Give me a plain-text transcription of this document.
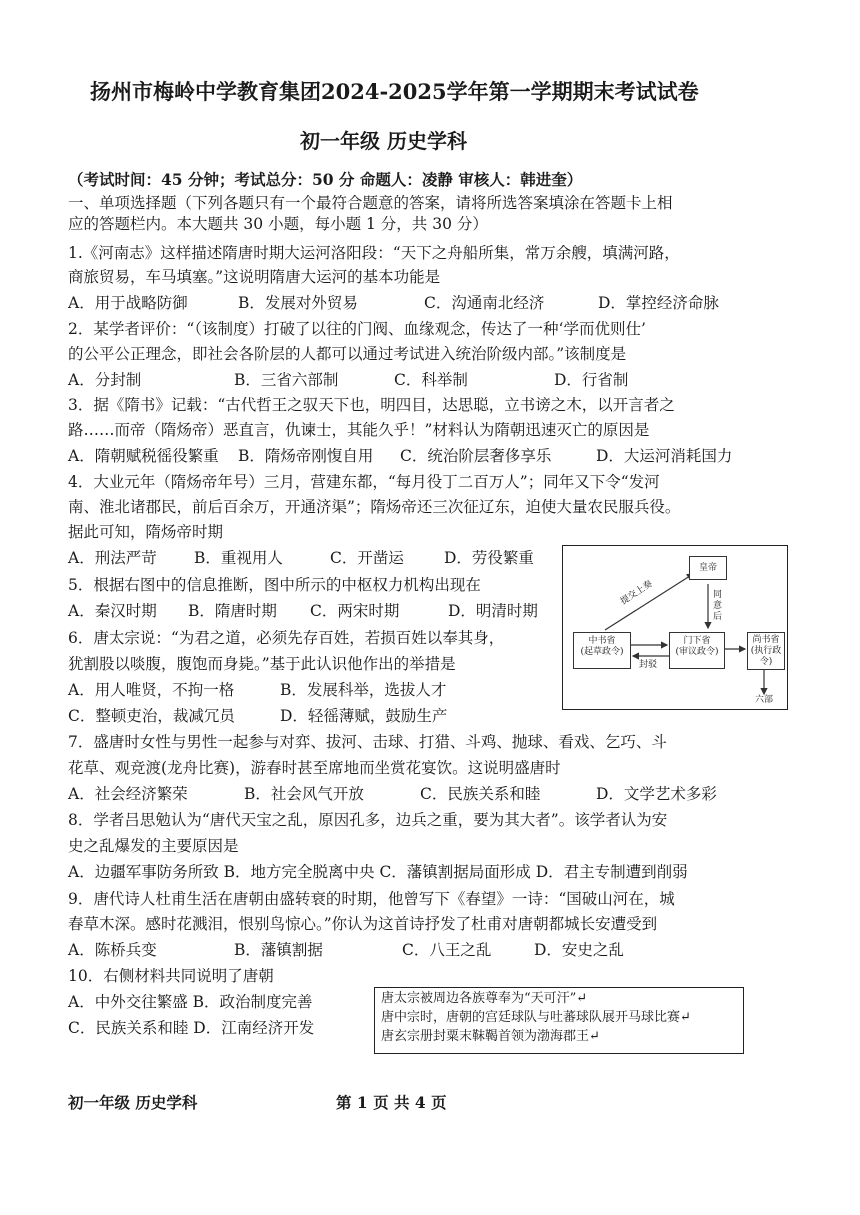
扬州市梅岭中学教育集团2024-2025学年第一学期期末考试试卷
初一年级 历史学科
（考试时间：45 分钟；考试总分：50 分 命题人：凌静 审核人：韩进奎）
一、单项选择题（下列各题只有一个最符合题意的答案，请将所选答案填涂在答题卡上相
应的答题栏内。本大题共 30 小题，每小题 1 分，共 30 分）
1.《河南志》这样描述隋唐时期大运河洛阳段：“天下之舟船所集，常万余艘，填满河路，
商旅贸易，车马填塞。”这说明隋唐大运河的基本功能是
A．用于战略防御	B．发展对外贸易	C．沟通南北经济	D．掌控经济命脉
2．某学者评价：“（该制度）打破了以往的门阀、血缘观念，传达了一种‘学而优则仕’
的公平公正理念，即社会各阶层的人都可以通过考试进入统治阶级内部。”该制度是
A．分封制	B．三省六部制	C．科举制	D．行省制
3．据《隋书》记载：“古代哲王之驭天下也，明四目，达思聪，立书谤之木，以开言者之
路……而帝（隋炀帝）恶直言，仇谏士，其能久乎！”材料认为隋朝迅速灭亡的原因是
A．隋朝赋税徭役繁重 B．隋炀帝刚愎自用 C．统治阶层奢侈享乐	D．大运河消耗国力
4．大业元年（隋炀帝年号）三月，营建东都，“每月役丁二百万人”；同年又下令“发河
南、淮北诸郡民，前后百余万，开通济渠”；隋炀帝还三次征辽东，迫使大量农民服兵役。
据此可知，隋炀帝时期
A．刑法严苛 B．重视用人	C．开凿运	D．劳役繁重
5．根据右图中的信息推断，图中所示的中枢权力机构出现在
A．秦汉时期 B．隋唐时期 C．两宋时期	D．明清时期
6．唐太宗说：“为君之道，必须先存百姓，若损百姓以奉其身，
犹割股以啖腹，腹饱而身毙。”基于此认识他作出的举措是
A．用人唯贤，不拘一格	B．发展科举，选拔人才
C．整顿吏治，裁减冗员	D．轻徭薄赋，鼓励生产
皇帝
中书省
(起草政令)
门下省
(审议政令)
尚书省
(执行政令)
提交上奏	同意后
封驳
六部
7．盛唐时女性与男性一起参与对弈、拔河、击球、打猎、斗鸡、抛球、看戏、乞巧、斗
花草、观竞渡(龙舟比赛)，游春时甚至席地而坐赏花宴饮。这说明盛唐时
A．社会经济繁荣	B．社会风气开放	C．民族关系和睦	D．文学艺术多彩
8．学者吕思勉认为“唐代天宝之乱，原因孔多，边兵之重，要为其大者”。该学者认为安
史之乱爆发的主要原因是
A．边疆军事防务所致 B．地方完全脱离中央 C．藩镇割据局面形成 D．君主专制遭到削弱
9．唐代诗人杜甫生活在唐朝由盛转衰的时期，他曾写下《春望》一诗：“国破山河在，城
春草木深。感时花溅泪，恨别鸟惊心。”你认为这首诗抒发了杜甫对唐朝都城长安遭受到
A．陈桥兵变	B．藩镇割据	C．八王之乱	D．安史之乱
10．右侧材料共同说明了唐朝
A．中外交往繁盛 B．政治制度完善
C．民族关系和睦 D．江南经济开发
唐太宗被周边各族尊奉为“天可汗”↵
唐中宗时，唐朝的宫廷球队与吐蕃球队展开马球比赛↵
唐玄宗册封粟末靺鞨首领为渤海郡王↵
初一年级 历史学科	第 1 页 共 4 页
